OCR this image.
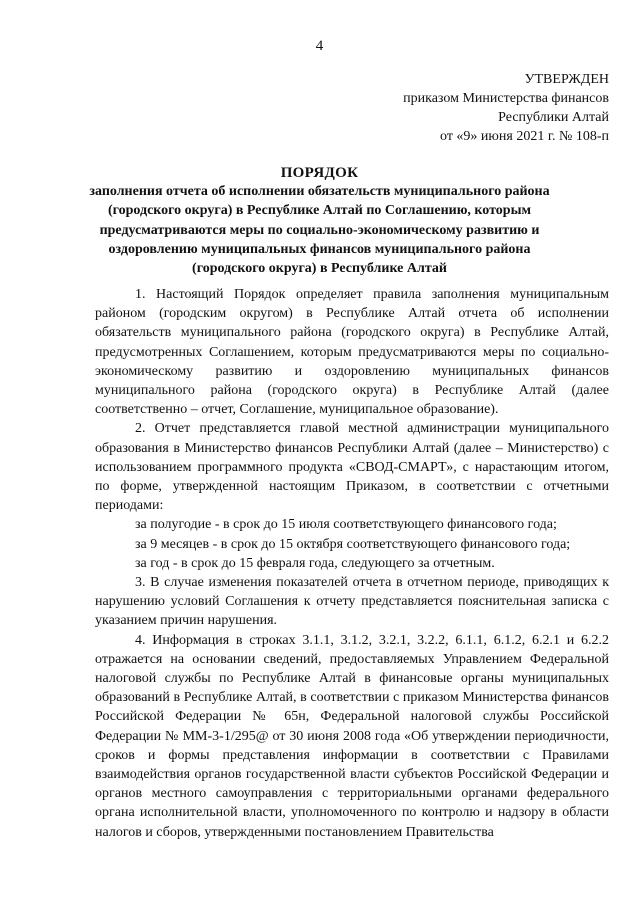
4
УТВЕРЖДЕН
приказом Министерства финансов
Республики Алтай
от «9» июня 2021 г. № 108-п
ПОРЯДОК
заполнения отчета об исполнении обязательств муниципального района (городского округа) в Республике Алтай по Соглашению, которым предусматриваются меры по социально-экономическому развитию и оздоровлению муниципальных финансов муниципального района (городского округа) в Республике Алтай

1. Настоящий Порядок определяет правила заполнения муниципальным районом (городским округом) в Республике Алтай отчета об исполнении обязательств муниципального района (городского округа) в Республике Алтай, предусмотренных Соглашением, которым предусматриваются меры по социально-экономическому развитию и оздоровлению муниципальных финансов муниципального района (городского округа) в Республике Алтай (далее соответственно – отчет, Соглашение, муниципальное образование).

2. Отчет представляется главой местной администрации муниципального образования в Министерство финансов Республики Алтай (далее – Министерство) с использованием программного продукта «СВОД-СМАРТ», с нарастающим итогом, по форме, утвержденной настоящим Приказом, в соответствии с отчетными периодами:

за полугодие - в срок до 15 июля соответствующего финансового года;

за 9 месяцев - в срок до 15 октября соответствующего финансового года;

за год - в срок до 15 февраля года, следующего за отчетным.

3. В случае изменения показателей отчета в отчетном периоде, приводящих к нарушению условий Соглашения к отчету представляется пояснительная записка с указанием причин нарушения.

4. Информация в строках 3.1.1, 3.1.2, 3.2.1, 3.2.2, 6.1.1, 6.1.2, 6.2.1 и 6.2.2 отражается на основании сведений, предоставляемых Управлением Федеральной налоговой службы по Республике Алтай в финансовые органы муниципальных образований в Республике Алтай, в соответствии с приказом Министерства финансов Российской Федерации № 65н, Федеральной налоговой службы Российской Федерации № ММ-3-1/295@ от 30 июня 2008 года «Об утверждении периодичности, сроков и формы представления информации в соответствии с Правилами взаимодействия органов государственной власти субъектов Российской Федерации и органов местного самоуправления с территориальными органами федерального органа исполнительной власти, уполномоченного по контролю и надзору в области налогов и сборов, утвержденными постановлением Правительства
